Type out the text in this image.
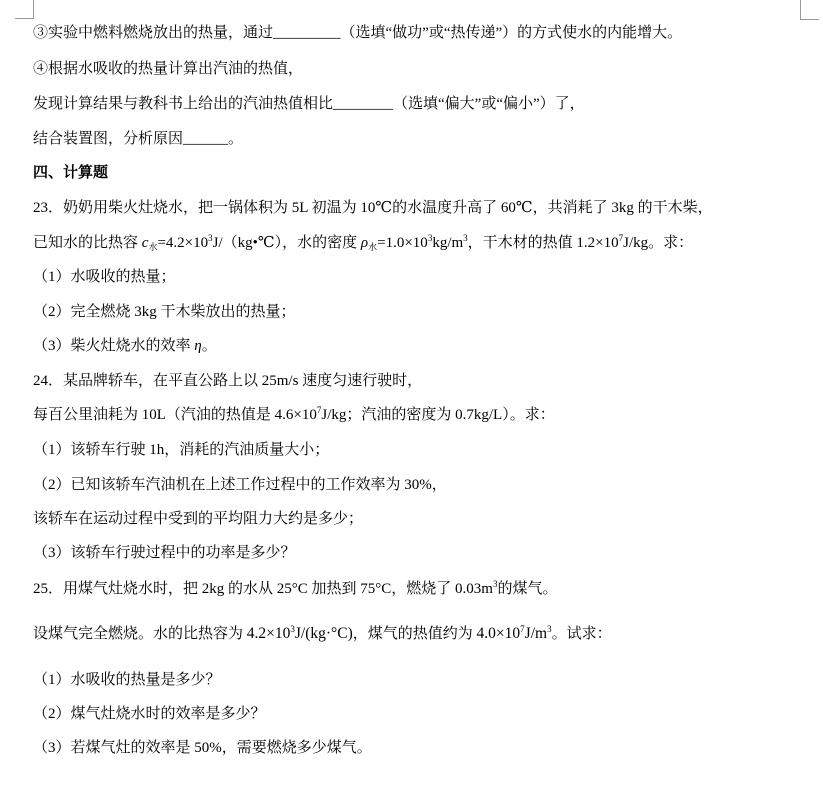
③实验中燃料燃烧放出的热量，通过_________（选填“做功”或“热传递”）的方式使水的内能增大。

④根据水吸收的热量计算出汽油的热值，

发现计算结果与教科书上给出的汽油热值相比________（选填“偏大”或“偏小”）了，

结合装置图，分析原因______。

四、计算题

23．奶奶用柴火灶烧水，把一锅体积为 5L 初温为 10℃的水温度升高了 60℃，共消耗了 3kg 的干木柴，

已知水的比热容 $c_水=4.2\times 10^3J/(kg•℃)$，水的密度 $\rho_水=1.0\times 10^3kg/m^3$，干木材的热值 $1.2\times 10^7J/kg$。求：

（1）水吸收的热量；

（2）完全燃烧 3kg 干木柴放出的热量；

（3）柴火灶烧水的效率 η。

24．某品牌轿车，在平直公路上以 25m/s 速度匀速行驶时，

每百公里油耗为 10L（汽油的热值是 $4.6\times 10^7J/kg$；汽油的密度为 0.7kg/L）。求：

（1）该轿车行驶 1h，消耗的汽油质量大小；

（2）已知该轿车汽油机在上述工作过程中的工作效率为 30%，

该轿车在运动过程中受到的平均阻力大约是多少；

（3）该轿车行驶过程中的功率是多少？

25．用煤气灶烧水时，把 2kg 的水从 25°C 加热到 75°C，燃烧了 $0.03m^3$的煤气。

设煤气完全燃烧。水的比热容为 $4.2\times 10^3J/(kg\cdot^\circ C)$，煤气的热值约为 $4.0\times 10^7J/m^3$。试求：

（1）水吸收的热量是多少？

（2）煤气灶烧水时的效率是多少？

（3）若煤气灶的效率是 50%，需要燃烧多少煤气。
